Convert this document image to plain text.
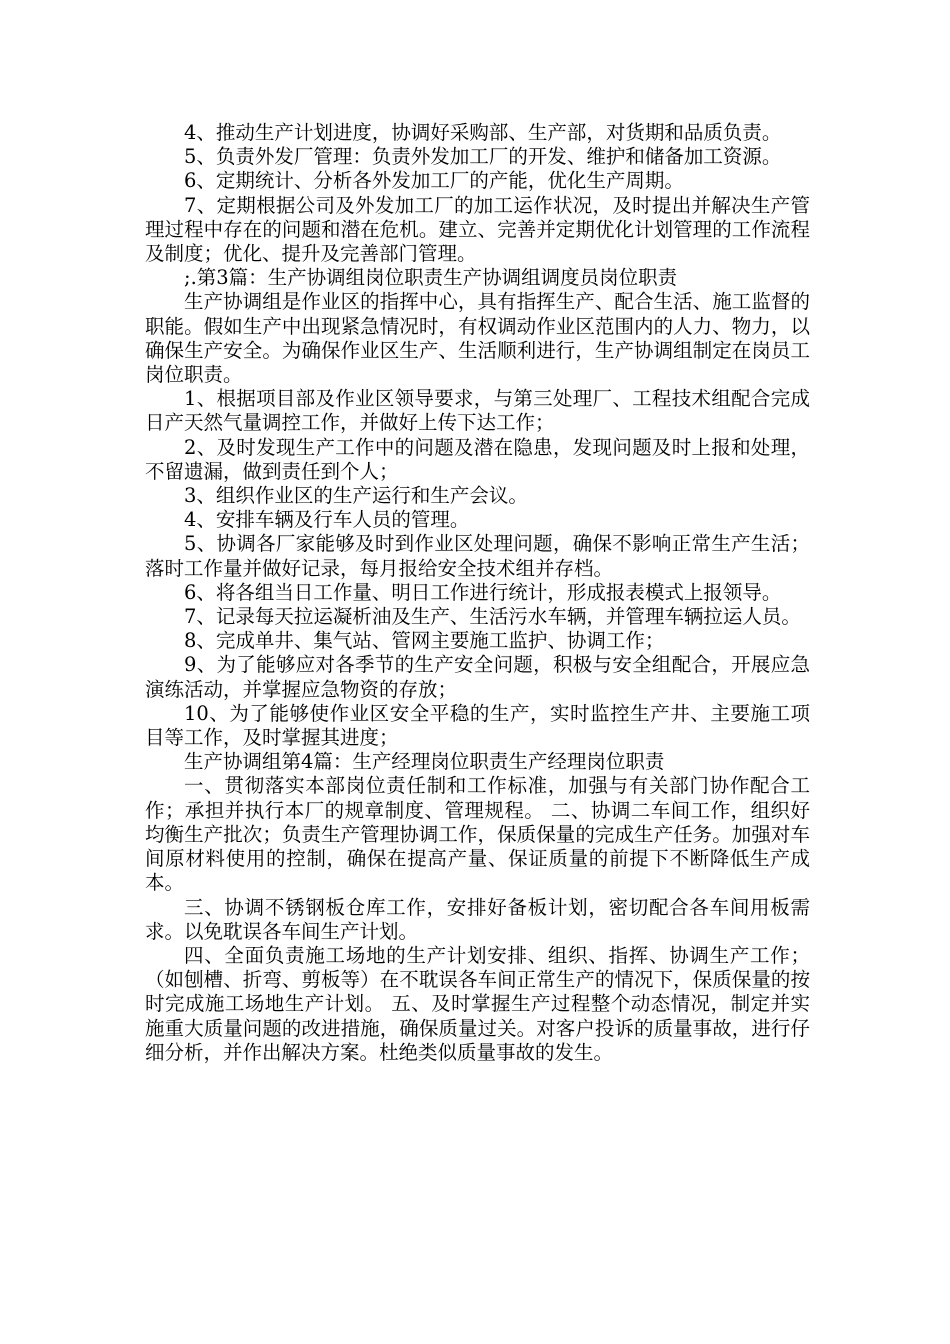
4、推动生产计划进度，协调好采购部、生产部，对货期和品质负责。

5、负责外发厂管理：负责外发加工厂的开发、维护和储备加工资源。

6、定期统计、分析各外发加工厂的产能，优化生产周期。

7、定期根据公司及外发加工厂的加工运作状况，及时提出并解决生产管理过程中存在的问题和潜在危机。建立、完善并定期优化计划管理的工作流程及制度；优化、提升及完善部门管理。

;.第3篇：生产协调组岗位职责生产协调组调度员岗位职责

生产协调组是作业区的指挥中心，具有指挥生产、配合生活、施工监督的职能。假如生产中出现紧急情况时，有权调动作业区范围内的人力、物力，以确保生产安全。为确保作业区生产、生活顺利进行，生产协调组制定在岗员工岗位职责。

1、根据项目部及作业区领导要求，与第三处理厂、工程技术组配合完成日产天然气量调控工作，并做好上传下达工作；

2、及时发现生产工作中的问题及潜在隐患，发现问题及时上报和处理，不留遗漏，做到责任到个人；

3、组织作业区的生产运行和生产会议。

4、安排车辆及行车人员的管理。

5、协调各厂家能够及时到作业区处理问题，确保不影响正常生产生活；落时工作量并做好记录，每月报给安全技术组并存档。

6、将各组当日工作量、明日工作进行统计，形成报表模式上报领导。

7、记录每天拉运凝析油及生产、生活污水车辆，并管理车辆拉运人员。

8、完成单井、集气站、管网主要施工监护、协调工作；

9、为了能够应对各季节的生产安全问题，积极与安全组配合，开展应急演练活动，并掌握应急物资的存放；

10、为了能够使作业区安全平稳的生产，实时监控生产井、主要施工项目等工作，及时掌握其进度；

生产协调组第4篇：生产经理岗位职责生产经理岗位职责

一、贯彻落实本部岗位责任制和工作标准，加强与有关部门协作配合工作；承担并执行本厂的规章制度、管理规程。 二、协调二车间工作，组织好均衡生产批次；负责生产管理协调工作，保质保量的完成生产任务。加强对车间原材料使用的控制，确保在提高产量、保证质量的前提下不断降低生产成本。

三、协调不锈钢板仓库工作，安排好备板计划，密切配合各车间用板需求。以免耽误各车间生产计划。

四、全面负责施工场地的生产计划安排、组织、指挥、协调生产工作；（如刨槽、折弯、剪板等）在不耽误各车间正常生产的情况下，保质保量的按时完成施工场地生产计划。 五、及时掌握生产过程整个动态情况，制定并实施重大质量问题的改进措施，确保质量过关。对客户投诉的质量事故，进行仔细分析，并作出解决方案。杜绝类似质量事故的发生。
